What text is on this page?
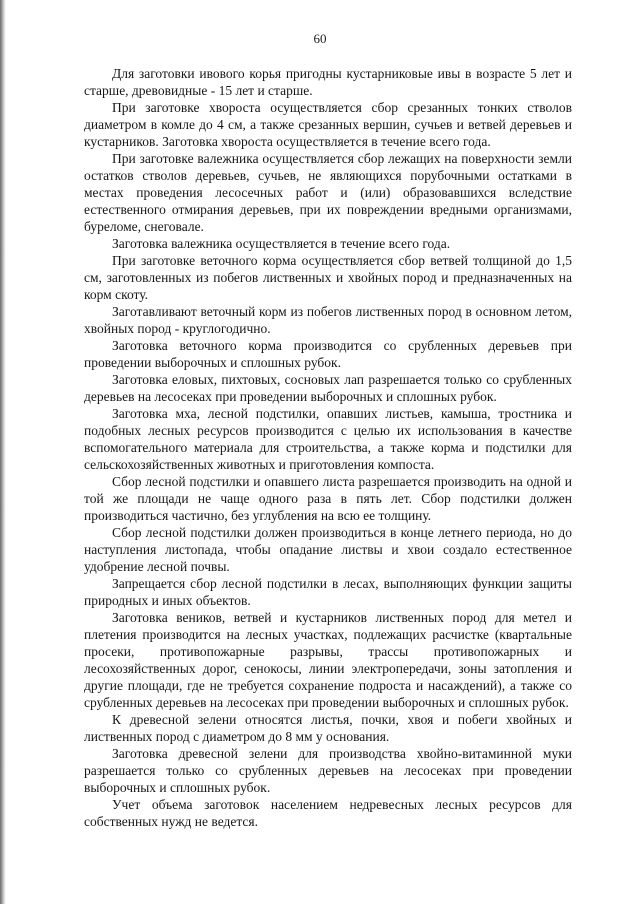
60

Для заготовки ивового корья пригодны кустарниковые ивы в возрасте 5 лет и старше, древовидные - 15 лет и старше.

При заготовке хвороста осуществляется сбор срезанных тонких стволов диаметром в комле до 4 см, а также срезанных вершин, сучьев и ветвей деревьев и кустарников. Заготовка хвороста осуществляется в течение всего года.

При заготовке валежника осуществляется сбор лежащих на поверхности земли остатков стволов деревьев, сучьев, не являющихся порубочными остатками в местах проведения лесосечных работ и (или) образовавшихся вследствие естественного отмирания деревьев, при их повреждении вредными организмами, буреломе, снеговале.

Заготовка валежника осуществляется в течение всего года.

При заготовке веточного корма осуществляется сбор ветвей толщиной до 1,5 см, заготовленных из побегов лиственных и хвойных пород и предназначенных на корм скоту.

Заготавливают веточный корм из побегов лиственных пород в основном летом, хвойных пород - круглогодично.

Заготовка веточного корма производится со срубленных деревьев при проведении выборочных и сплошных рубок.

Заготовка еловых, пихтовых, сосновых лап разрешается только со срубленных деревьев на лесосеках при проведении выборочных и сплошных рубок.

Заготовка мха, лесной подстилки, опавших листьев, камыша, тростника и подобных лесных ресурсов производится с целью их использования в качестве вспомогательного материала для строительства, а также корма и подстилки для сельскохозяйственных животных и приготовления компоста.

Сбор лесной подстилки и опавшего листа разрешается производить на одной и той же площади не чаще одного раза в пять лет. Сбор подстилки должен производиться частично, без углубления на всю ее толщину.

Сбор лесной подстилки должен производиться в конце летнего периода, но до наступления листопада, чтобы опадание листвы и хвои создало естественное удобрение лесной почвы.

Запрещается сбор лесной подстилки в лесах, выполняющих функции защиты природных и иных объектов.

Заготовка веников, ветвей и кустарников лиственных пород для метел и плетения производится на лесных участках, подлежащих расчистке (квартальные просеки, противопожарные разрывы, трассы противопожарных и лесохозяйственных дорог, сенокосы, линии электропередачи, зоны затопления и другие площади, где не требуется сохранение подроста и насаждений), а также со срубленных деревьев на лесосеках при проведении выборочных и сплошных рубок.

К древесной зелени относятся листья, почки, хвоя и побеги хвойных и лиственных пород с диаметром до 8 мм у основания.

Заготовка древесной зелени для производства хвойно-витаминной муки разрешается только со срубленных деревьев на лесосеках при проведении выборочных и сплошных рубок.

Учет объема заготовок населением недревесных лесных ресурсов для собственных нужд не ведется.
